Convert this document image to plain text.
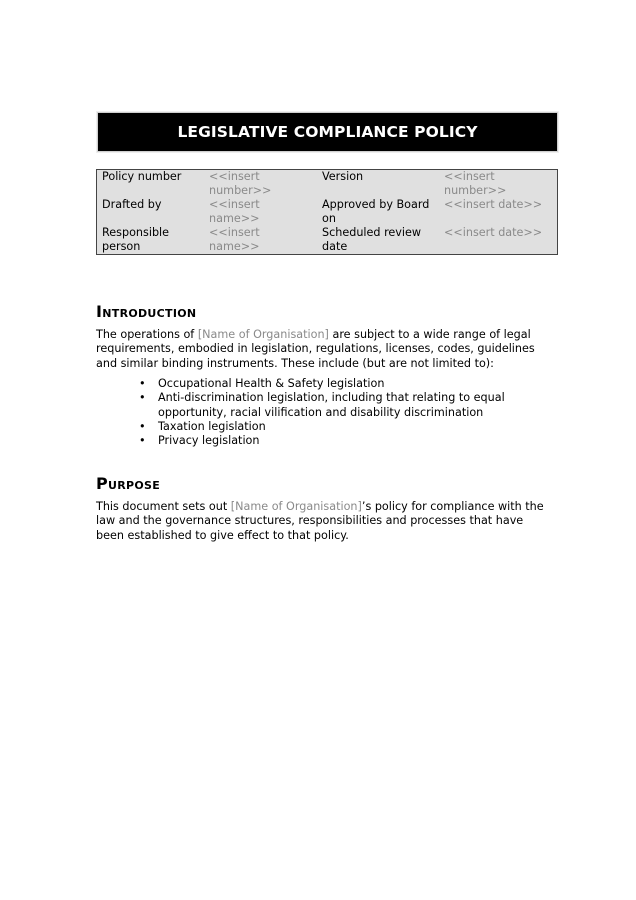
LEGISLATIVE COMPLIANCE POLICY
Policy number	<<insert number>>	Version	<<insert number>>
Drafted by	<<insert name>>	Approved by Board on	<<insert date>>
Responsible person	<<insert name>>	Scheduled review date	<<insert date>>
Introduction
The operations of [Name of Organisation] are subject to a wide range of legal requirements, embodied in legislation, regulations, licenses, codes, guidelines and similar binding instruments. These include (but are not limited to):
• Occupational Health & Safety legislation
• Anti-discrimination legislation, including that relating to equal opportunity, racial vilification and disability discrimination
• Taxation legislation
• Privacy legislation
Purpose
This document sets out [Name of Organisation]’s policy for compliance with the law and the governance structures, responsibilities and processes that have been established to give effect to that policy.
